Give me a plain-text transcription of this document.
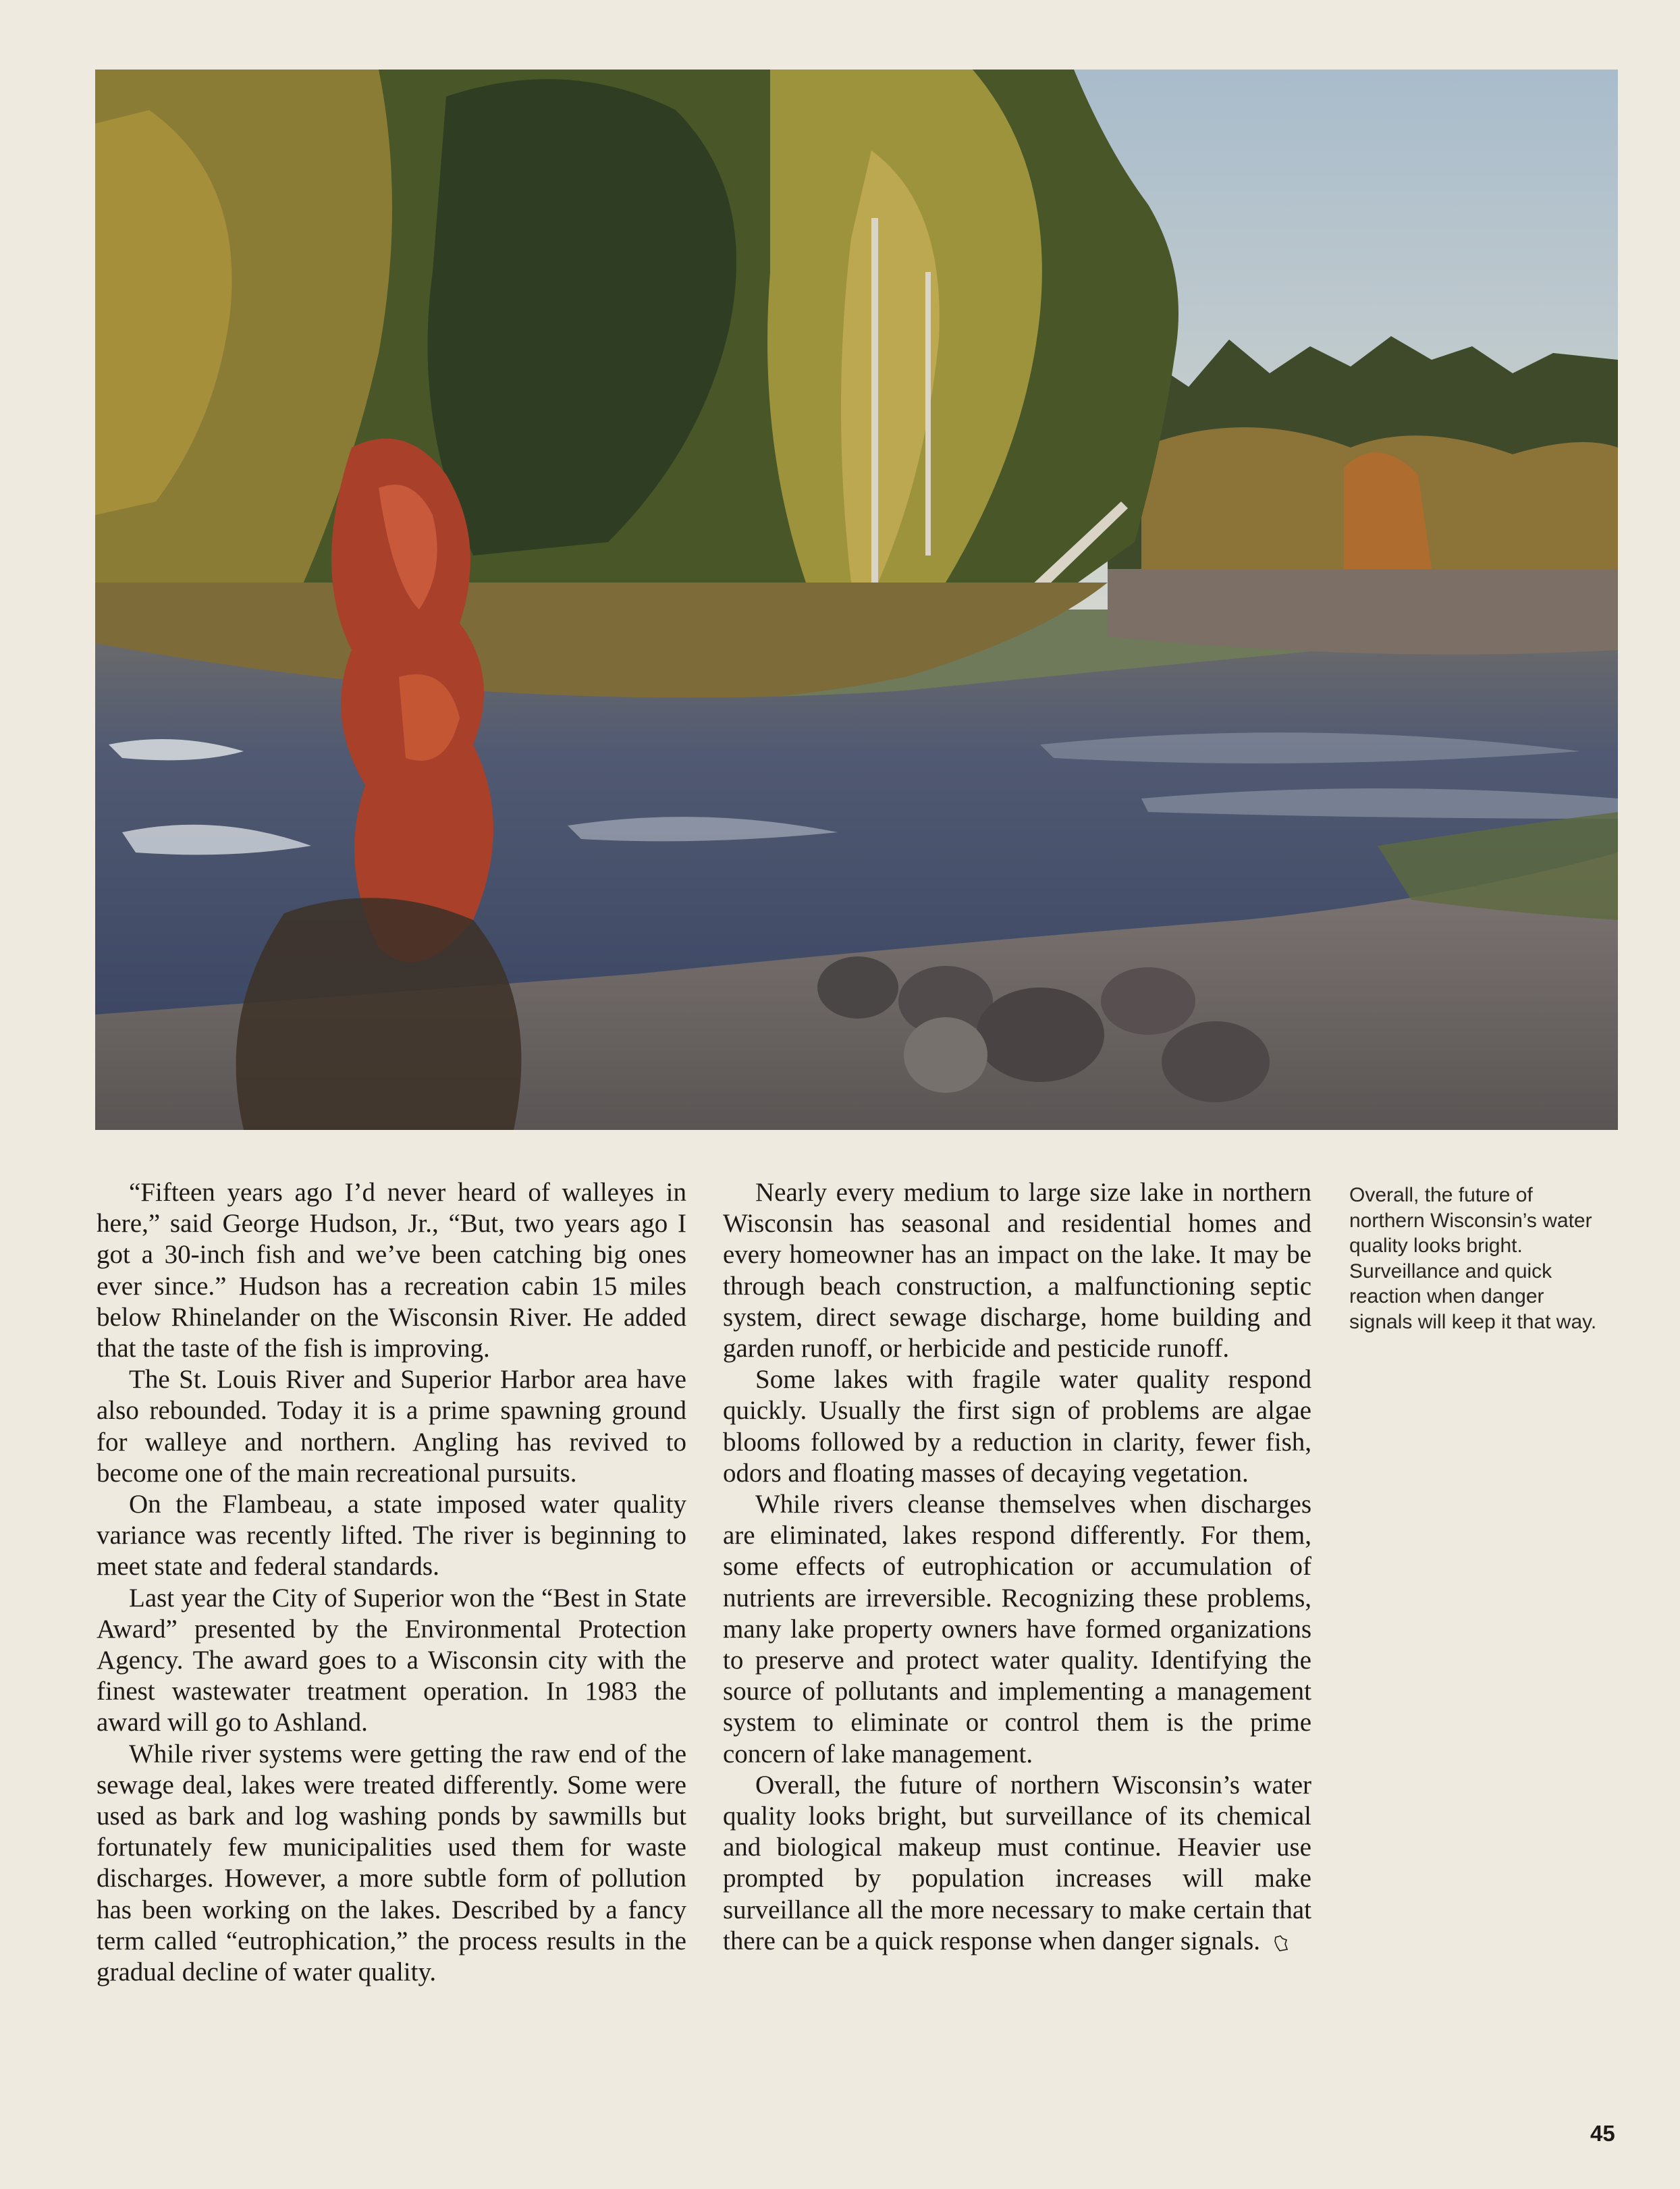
“Fifteen years ago I’d never heard of walleyes in here,” said George Hudson, Jr., “But, two years ago I got a 30-inch fish and we’ve been catching big ones ever since.” Hudson has a recreation cabin 15 miles below Rhinelander on the Wisconsin River. He added that the taste of the fish is improving.

The St. Louis River and Superior Harbor area have also rebounded. Today it is a prime spawning ground for walleye and northern. Angling has revived to become one of the main recreational pursuits.

On the Flambeau, a state imposed water quality variance was recently lifted. The river is beginning to meet state and federal standards.

Last year the City of Superior won the “Best in State Award” presented by the Environmental Protection Agency. The award goes to a Wisconsin city with the finest wastewater treatment operation. In 1983 the award will go to Ashland.

While river systems were getting the raw end of the sewage deal, lakes were treated differently. Some were used as bark and log washing ponds by sawmills but fortunately few municipalities used them for waste discharges. However, a more subtle form of pollution has been working on the lakes. Described by a fancy term called “eutrophication,” the process results in the gradual decline of water quality.

Nearly every medium to large size lake in northern Wisconsin has seasonal and residential homes and every homeowner has an impact on the lake. It may be through beach construction, a malfunctioning septic system, direct sewage discharge, home building and garden runoff, or herbicide and pesticide runoff.

Some lakes with fragile water quality respond quickly. Usually the first sign of problems are algae blooms followed by a reduction in clarity, fewer fish, odors and floating masses of decaying vegetation.

While rivers cleanse themselves when discharges are eliminated, lakes respond differently. For them, some effects of eutrophication or accumulation of nutrients are irreversible. Recognizing these problems, many lake property owners have formed organizations to preserve and protect water quality. Identifying the source of pollutants and implementing a management system to eliminate or control them is the prime concern of lake management.

Overall, the future of northern Wisconsin’s water quality looks bright, but surveillance of its chemical and biological makeup must continue. Heavier use prompted by population increases will make surveillance all the more necessary to make certain that there can be a quick response when danger signals.

Overall, the future of northern Wisconsin’s water quality looks bright. Surveillance and quick reaction when danger signals will keep it that way.
45
